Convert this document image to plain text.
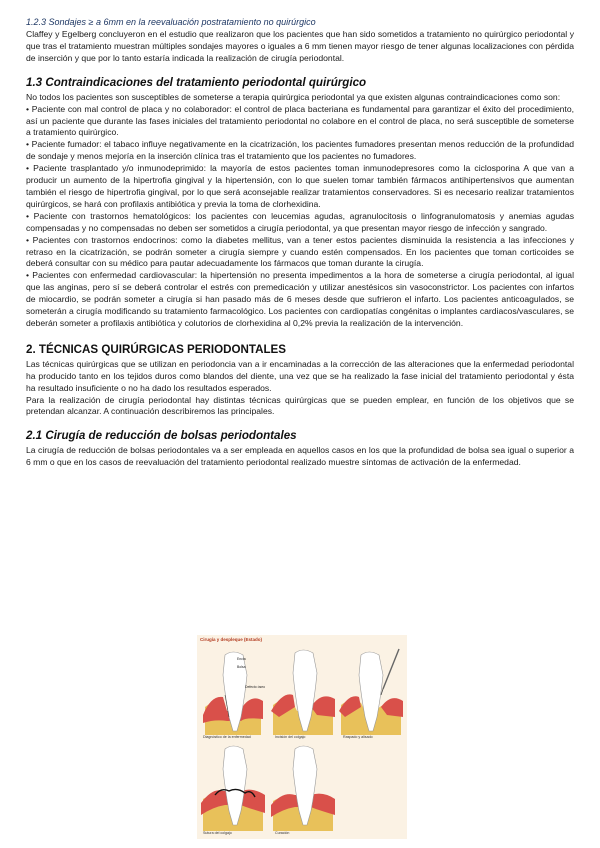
1.2.3 Sondajes ≥ a 6mm en la reevaluación postratamiento no quirúrgico

Claffey y Egelberg concluyeron en el estudio que realizaron que los pacientes que han sido sometidos a tratamiento no quirúrgico periodontal y que tras el tratamiento muestran múltiples sondajes mayores o iguales a 6 mm tienen mayor riesgo de tener algunas localizaciones con pérdida de inserción y que por lo tanto estaría indicada la realización de cirugía periodontal.

1.3 Contraindicaciones del tratamiento periodontal quirúrgico

No todos los pacientes son susceptibles de someterse a terapia quirúrgica periodontal ya que existen algunas contraindicaciones como son:

• Paciente con mal control de placa y no colaborador: el control de placa bacteriana es fundamental para garantizar el éxito del procedimiento, así un paciente que durante las fases iniciales del tratamiento periodontal no colabore en el control de placa, no será susceptible de someterse a tratamiento quirúrgico.

• Paciente fumador: el tabaco influye negativamente en la cicatrización, los pacientes fumadores presentan menos reducción de la profundidad de sondaje y menos mejoría en la inserción clínica tras el tratamiento que los pacientes no fumadores.

• Paciente trasplantado y/o inmunodeprimido: la mayoría de estos pacientes toman inmunodepresores como la ciclosporina A que van a producir un aumento de la hipertrofia gingival y la hipertensión, con lo que suelen tomar también fármacos antihipertensivos que aumentan también el riesgo de hipertrofia gingival, por lo que será aconsejable realizar tratamientos conservadores. Si es necesario realizar tratamientos quirúrgicos, se hará con profilaxis antibiótica y previa la toma de clorhexidina.

• Paciente con trastornos hematológicos: los pacientes con leucemias agudas, agranulocitosis o linfogranulomatosis y anemias agudas compensadas y no compensadas no deben ser sometidos a cirugía periodontal, ya que presentan mayor riesgo de infección y sangrado.

• Pacientes con trastornos endocrinos: como la diabetes mellitus, van a tener estos pacientes disminuida la resistencia a las infecciones y retraso en la cicatrización, se podrán someter a cirugía siempre y cuando estén compensados. En los pacientes que toman corticoides se deberá consultar con su médico para pautar adecuadamente los fármacos que toman durante la cirugía.

• Pacientes con enfermedad cardiovascular: la hipertensión no presenta impedimentos a la hora de someterse a cirugía periodontal, al igual que las anginas, pero sí se deberá controlar el estrés con premedicación y utilizar anestésicos sin vasoconstrictor. Los pacientes con infartos de miocardio, se podrán someter a cirugía si han pasado más de 6 meses desde que sufrieron el infarto. Los pacientes anticoagulados, se someterán a cirugía modificando su tratamiento farmacológico. Los pacientes con cardiopatías congénitas o implantes cardiacos/vasculares, se deberán someter a profilaxis antibiótica y colutorios de clorhexidina al 0,2% previa la realización de la intervención.

2. TÉCNICAS QUIRÚRGICAS PERIODONTALES

Las técnicas quirúrgicas que se utilizan en periodoncia van a ir encaminadas a la corrección de las alteraciones que la enfermedad periodontal ha producido tanto en los tejidos duros como blandos del diente, una vez que se ha realizado la fase inicial del tratamiento periodontal y ésta ha resultado insuficiente o no ha dado los resultados esperados.

Para la realización de cirugía periodontal hay distintas técnicas quirúrgicas que se pueden emplear, en función de los objetivos que se pretendan alcanzar. A continuación describiremos las principales.

2.1 Cirugía de reducción de bolsas periodontales

La cirugía de reducción de bolsas periodontales va a ser empleada en aquellos casos en los que la profundidad de bolsa sea igual o superior a 6 mm o que en los casos de reevaluación del tratamiento periodontal realizado muestre síntomas de activación de la enfermedad.

Cirugía y despleque (Estado)
Encía
Bolsa
Defecto óseo
Diagnóstico de la enfermedad	Incisión del colgajo	Raspado y alisado
Sutura del colgajo	Curación
